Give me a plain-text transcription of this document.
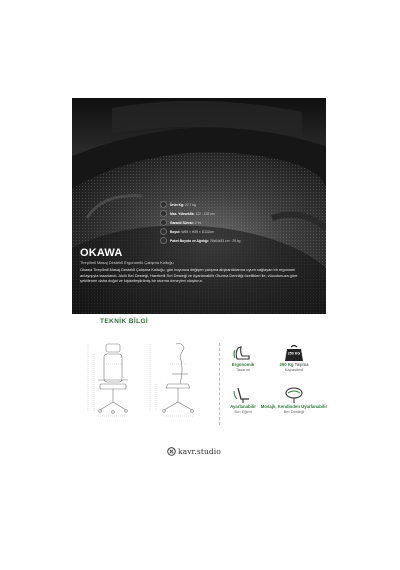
Ürün Kg: 22,7 kg
Max. Yükseklik: 122 - 132 cm
Garanti Süresi: 2 Yıl
Boyut: W69 × H59 × D132cm
Paket Boyutu ve Ağırlığı: 76x64x53 cm · 29 kg
OKAWA
Tirepli̇mli̇ Masaj Destekli̇ Ergonomi̇k Çalışma Koltuğu
Okawa Tirepli̇mli̇ Masaj Destekli̇ Çalışma Koltuğu, gün boyunca değişen çalışma alışkanlıklarına uyum sağlayan bir ergonomi anlayışıyla tasarlandı. Akıllı Bel Desteği, Hareketli Sırt Desteği ve Ayarlanabilir Oturma Derinliği özellikleri ile; vücudunuza göre şekillenen daha doğal ve kişiselleştirilmiş bir oturma deneyimi oluşturur.
TEKNİK BİLGİ
Ergonomik
Tasarım
250 KG
250 Kg Taşıma
Kapasitesi
Ayarlanabilir
Sırt Eğimi
Mosajlı, Kendinden Uyarlanabilir
Bel Desteği
kavr.studio
